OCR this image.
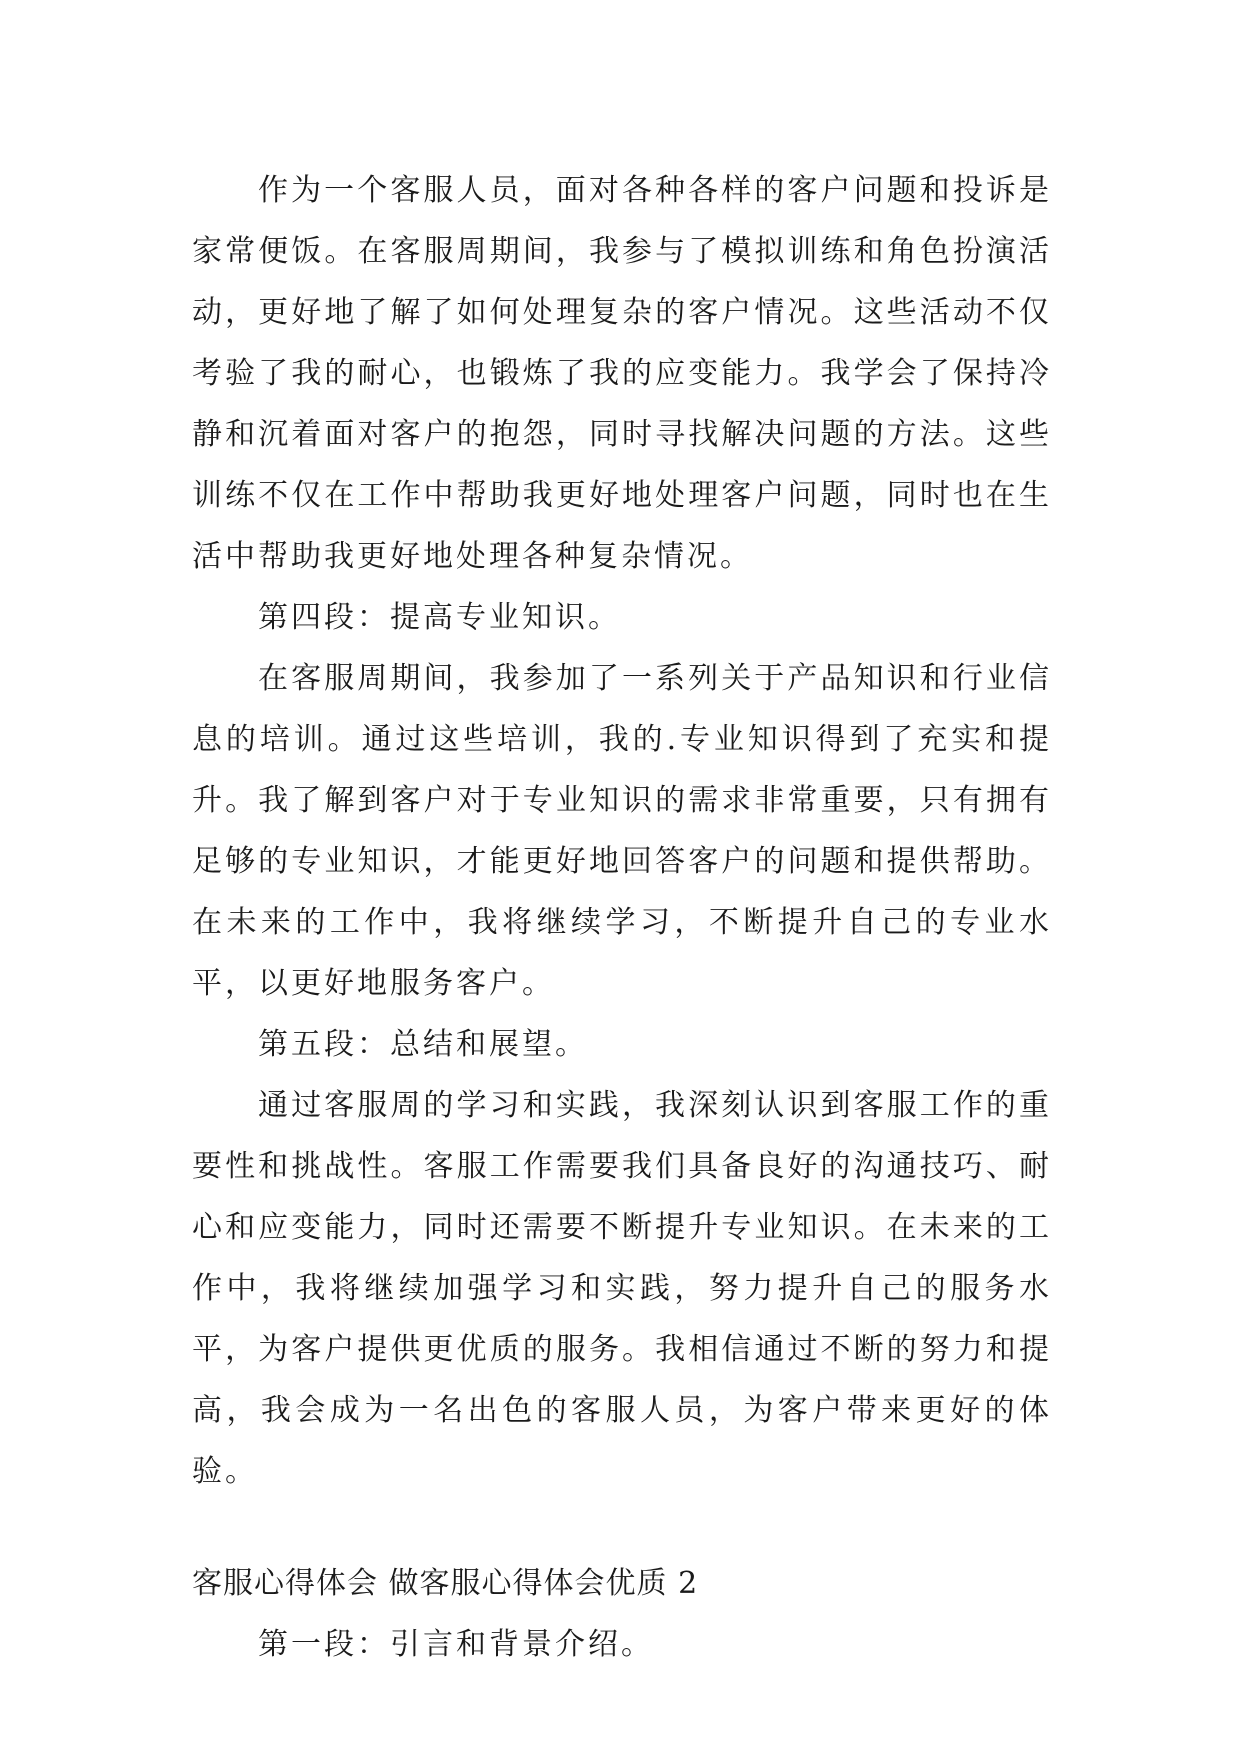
作为一个客服人员，面对各种各样的客户问题和投诉是家常便饭。在客服周期间，我参与了模拟训练和角色扮演活动，更好地了解了如何处理复杂的客户情况。这些活动不仅考验了我的耐心，也锻炼了我的应变能力。我学会了保持冷静和沉着面对客户的抱怨，同时寻找解决问题的方法。这些训练不仅在工作中帮助我更好地处理客户问题，同时也在生活中帮助我更好地处理各种复杂情况。

第四段：提高专业知识。

在客服周期间，我参加了一系列关于产品知识和行业信息的培训。通过这些培训，我的.专业知识得到了充实和提升。我了解到客户对于专业知识的需求非常重要，只有拥有足够的专业知识，才能更好地回答客户的问题和提供帮助。在未来的工作中，我将继续学习，不断提升自己的专业水平，以更好地服务客户。

第五段：总结和展望。

通过客服周的学习和实践，我深刻认识到客服工作的重要性和挑战性。客服工作需要我们具备良好的沟通技巧、耐心和应变能力，同时还需要不断提升专业知识。在未来的工作中，我将继续加强学习和实践，努力提升自己的服务水平，为客户提供更优质的服务。我相信通过不断的努力和提高，我会成为一名出色的客服人员，为客户带来更好的体验。

客服心得体会 做客服心得体会优质 2

第一段：引言和背景介绍。
